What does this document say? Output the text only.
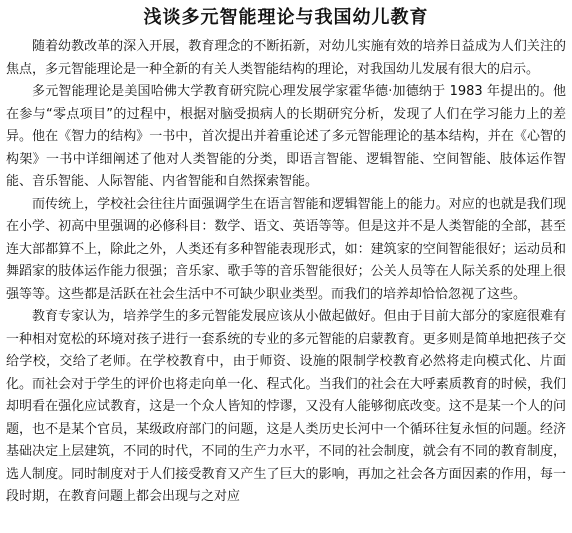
浅谈多元智能理论与我国幼儿教育

随着幼教改革的深入开展，教育理念的不断拓新，对幼儿实施有效的培养日益成为人们关注的焦点，多元智能理论是一种全新的有关人类智能结构的理论，对我国幼儿发展有很大的启示。

多元智能理论是美国哈佛大学教育研究院心理发展学家霍华德·加德纳于 1983 年提出的。他在参与“零点项目”的过程中，根据对脑受损病人的长期研究分析，发现了人们在学习能力上的差异。他在《智力的结构》一书中，首次提出并着重论述了多元智能理论的基本结构，并在《心智的构架》一书中详细阐述了他对人类智能的分类，即语言智能、逻辑智能、空间智能、肢体运作智能、音乐智能、人际智能、内省智能和自然探索智能。

而传统上，学校社会往往片面强调学生在语言智能和逻辑智能上的能力。对应的也就是我们现在小学、初高中里强调的必修科目：数学、语文、英语等等。但是这并不是人类智能的全部，甚至连大部都算不上，除此之外，人类还有多种智能表现形式，如：建筑家的空间智能很好；运动员和舞蹈家的肢体运作能力很强；音乐家、歌手等的音乐智能很好；公关人员等在人际关系的处理上很强等等。这些都是活跃在社会生活中不可缺少职业类型。而我们的培养却恰恰忽视了这些。

教育专家认为，培养学生的多元智能发展应该从小做起做好。但由于目前大部分的家庭很难有一种相对宽松的环境对孩子进行一套系统的专业的多元智能的启蒙教育。更多则是简单地把孩子交给学校，交给了老师。在学校教育中，由于师资、设施的限制学校教育必然将走向模式化、片面化。而社会对于学生的评价也将走向单一化、程式化。当我们的社会在大呼素质教育的时候，我们却明看在强化应试教育，这是一个众人皆知的悖谬，又没有人能够彻底改变。这不是某一个人的问题，也不是某个官员，某级政府部门的问题，这是人类历史长河中一个循环往复永恒的问题。经济基础决定上层建筑，不同的时代，不同的生产力水平，不同的社会制度，就会有不同的教育制度，选人制度。同时制度对于人们接受教育又产生了巨大的影响，再加之社会各方面因素的作用，每一段时期，在教育问题上都会出现与之对应
